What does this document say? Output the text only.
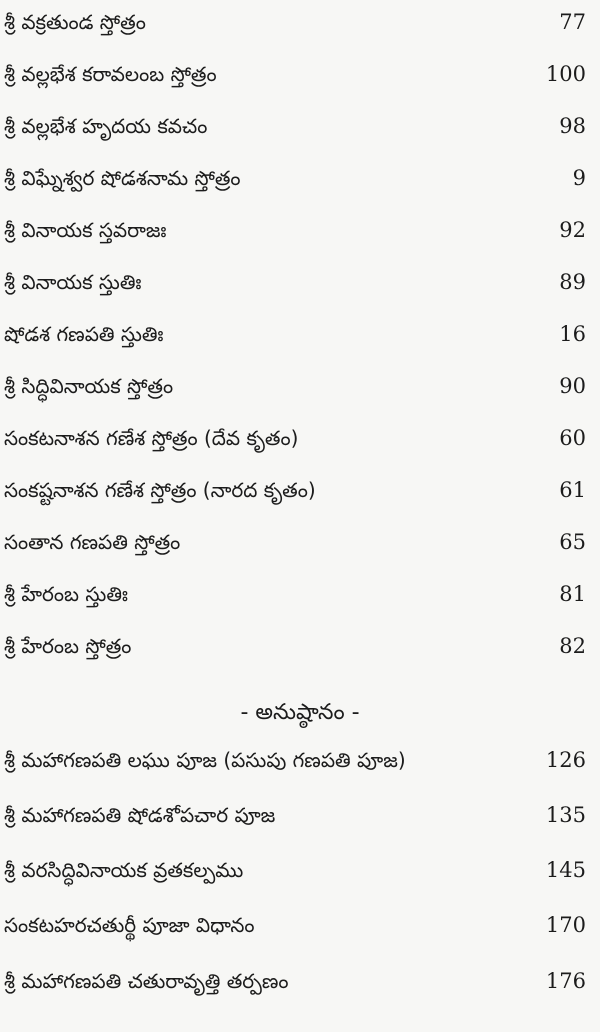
శ్రీ వక్రతుండ స్తోత్రం	77
శ్రీ వల్లభేశ కరావలంబ స్తోత్రం	100
శ్రీ వల్లభేశ హృదయ కవచం	98
శ్రీ విఘ్నేశ్వర షోడశనామ స్తోత్రం	9
శ్రీ వినాయక స్తవరాజః	92
శ్రీ వినాయక స్తుతిః	89
షోడశ గణపతి స్తుతిః	16
శ్రీ సిద్ధివినాయక స్తోత్రం	90
సంకటనాశన గణేశ స్తోత్రం (దేవ కృతం)	60
సంకష్టనాశన గణేశ స్తోత్రం (నారద కృతం)	61
సంతాన గణపతి స్తోత్రం	65
శ్రీ హేరంబ స్తుతిః	81
శ్రీ హేరంబ స్తోత్రం	82
- అనుష్ఠానం -
శ్రీ మహాగణపతి లఘు పూజ (పసుపు గణపతి పూజ)	126
శ్రీ మహాగణపతి షోడశోపచార పూజ	135
శ్రీ వరసిద్ధివినాయక వ్రతకల్పము	145
సంకటహరచతుర్థీ పూజా విధానం	170
శ్రీ మహాగణపతి చతురావృత్తి తర్పణం	176
